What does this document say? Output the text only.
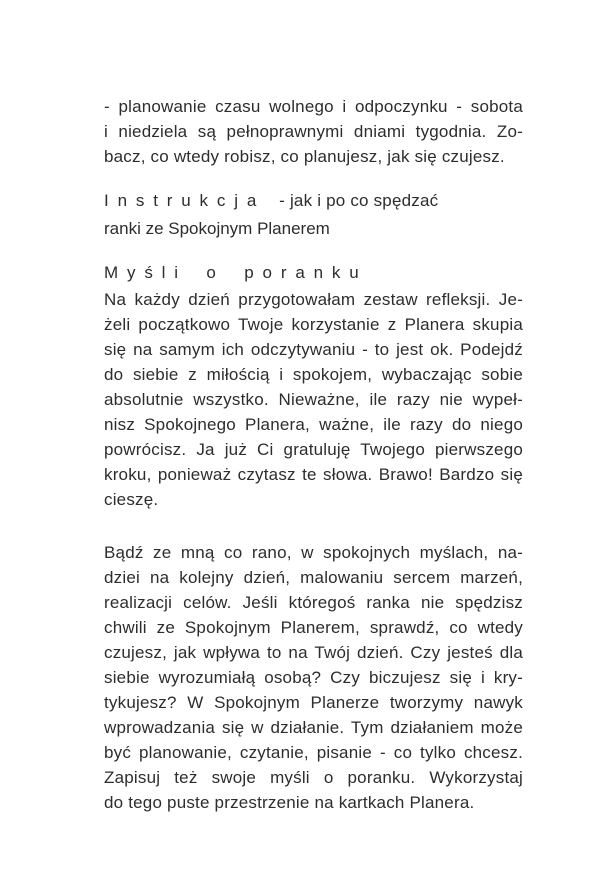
- planowanie czasu wolnego i odpoczynku - sobota
i niedziela są pełnoprawnymi dniami tygodnia. Zo-
bacz, co wtedy robisz, co planujesz, jak się czujesz.
Instrukcja - jak i po co spędzać
ranki ze Spokojnym Planerem
Myśli o poranku
Na każdy dzień przygotowałam zestaw refleksji. Je-
żeli początkowo Twoje korzystanie z Planera skupia
się na samym ich odczytywaniu - to jest ok. Podejdź
do siebie z miłością i spokojem, wybaczając sobie
absolutnie wszystko. Nieważne, ile razy nie wypeł-
nisz Spokojnego Planera, ważne, ile razy do niego
powrócisz. Ja już Ci gratuluję Twojego pierwszego
kroku, ponieważ czytasz te słowa. Brawo! Bardzo się
cieszę.
Bądź ze mną co rano, w spokojnych myślach, na-
dziei na kolejny dzień, malowaniu sercem marzeń,
realizacji celów. Jeśli któregoś ranka nie spędzisz
chwili ze Spokojnym Planerem, sprawdź, co wtedy
czujesz, jak wpływa to na Twój dzień. Czy jesteś dla
siebie wyrozumiałą osobą? Czy biczujesz się i kry-
tykujesz? W Spokojnym Planerze tworzymy nawyk
wprowadzania się w działanie. Tym działaniem może
być planowanie, czytanie, pisanie - co tylko chcesz.
Zapisuj też swoje myśli o poranku. Wykorzystaj
do tego puste przestrzenie na kartkach Planera.
